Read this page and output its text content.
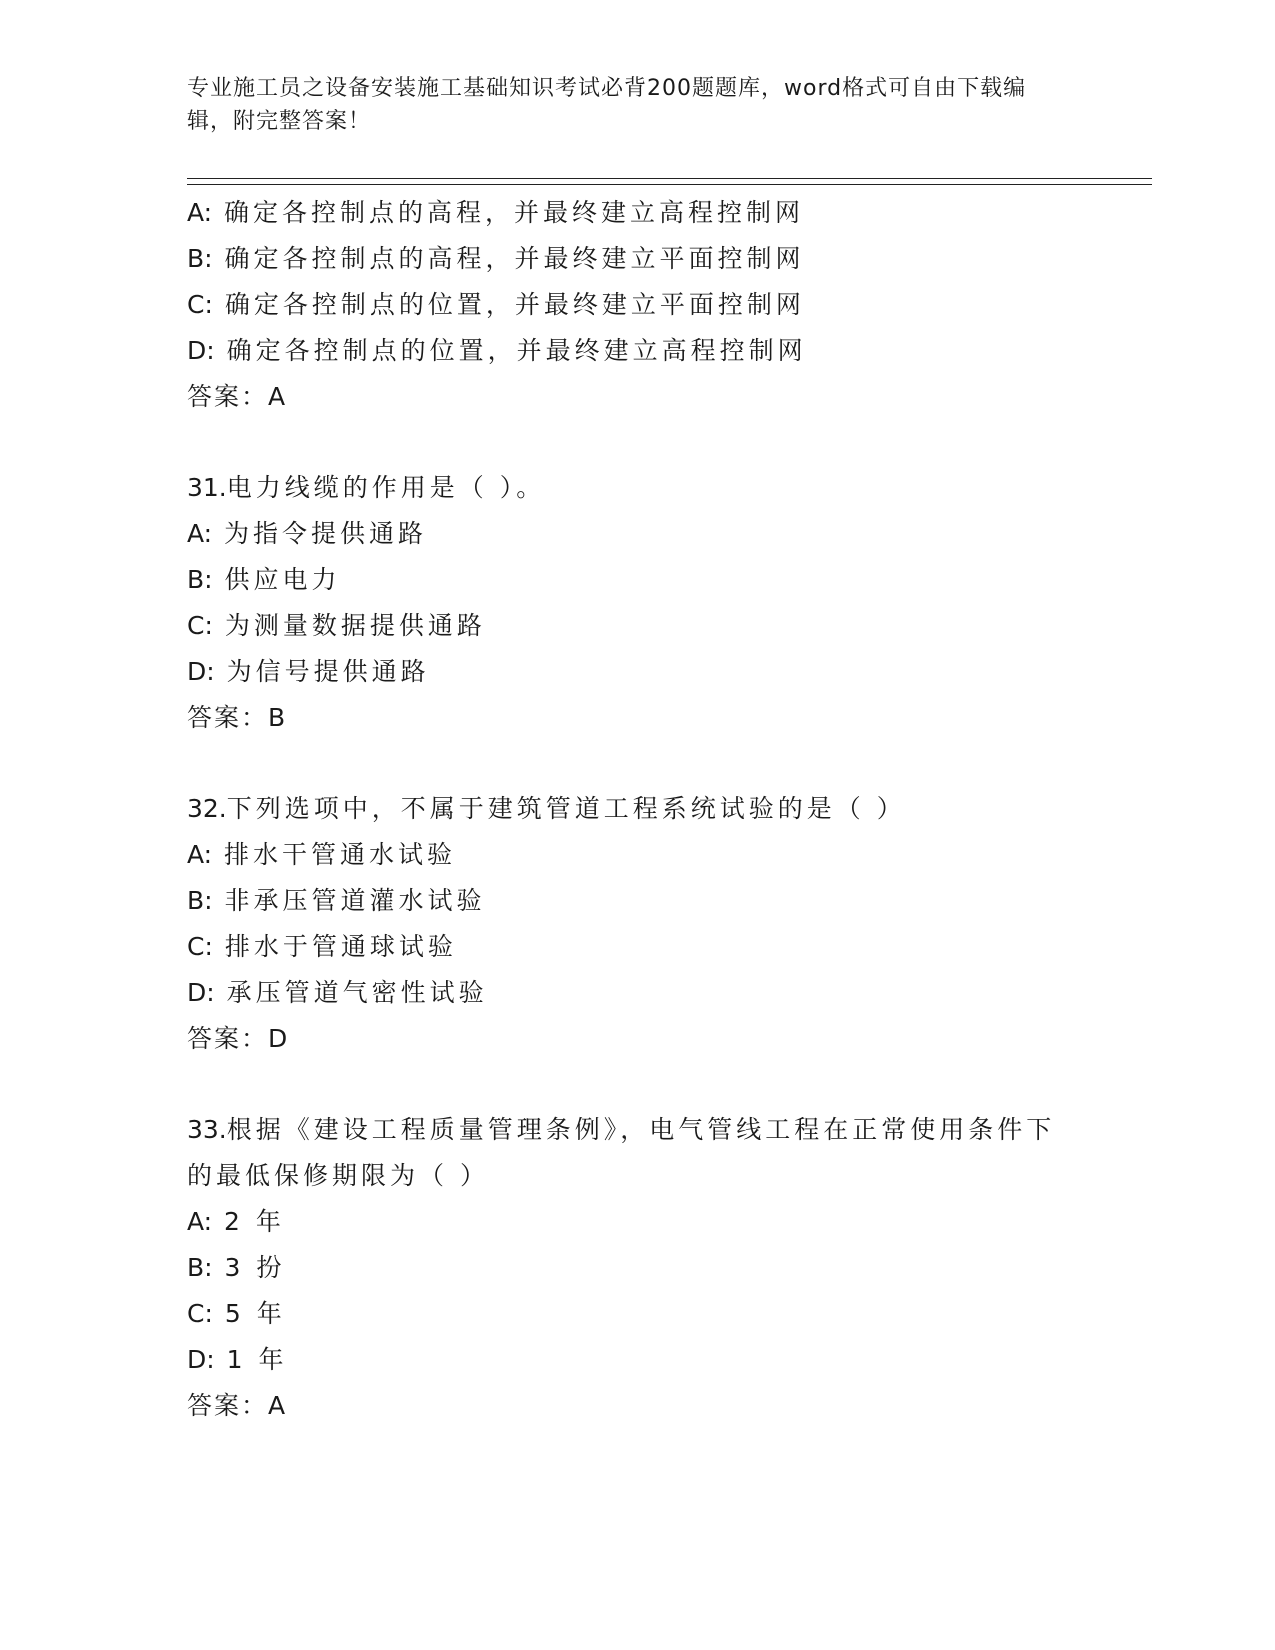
专业施工员之设备安装施工基础知识考试必背200题题库，word格式可自由下载编辑，附完整答案！
A: 确定各控制点的高程，并最终建立高程控制网
B: 确定各控制点的高程，并最终建立平面控制网
C: 确定各控制点的位置，并最终建立平面控制网
D: 确定各控制点的位置，并最终建立高程控制网
答案：A
31.电力线缆的作用是（ ）。
A: 为指令提供通路
B: 供应电力
C: 为测量数据提供通路
D: 为信号提供通路
答案：B
32.下列选项中，不属于建筑管道工程系统试验的是（ ）
A: 排水干管通水试验
B: 非承压管道灌水试验
C: 排水于管通球试验
D: 承压管道气密性试验
答案：D
33.根据《建设工程质量管理条例》，电气管线工程在正常使用条件下
的最低保修期限为（ ）
A: 2 年
B: 3 扮
C: 5 年
D: 1 年
答案：A
